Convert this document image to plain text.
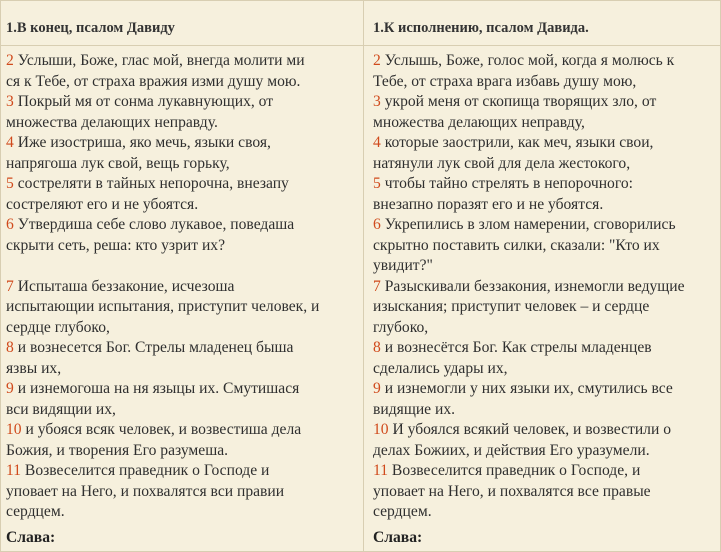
1.В конец, псалом Давиду
2 Услыши, Боже, глас мой, внегда молити ми
ся к Тебе, от страха вражия изми душу мою.
3 Покрый мя от сонма лукавнующих, от
множества делающих неправду.
4 Иже изостриша, яко мечь, языки своя,
напрягоша лук свой, вещь горьку,
5 состреляти в тайных непорочна, внезапу
состреляют его и не убоятся.
6 Утвердиша себе слово лукавое, поведаша
скрыти сеть, реша: кто узрит их?
7 Испыташа беззаконие, исчезоша
испытающии испытания, приступит человек, и
сердце глубоко,
8 и вознесется Бог. Стрелы младенец быша
язвы их,
9 и изнемогоша на ня языцы их. Смутишася
вси видящии их,
10 и убояся всяк человек, и возвестиша дела
Божия, и творения Его разумеша.
11 Возвеселится праведник о Господе и
уповает на Него, и похвалятся вси правии
сердцем.
Слава:
1.К исполнению, псалом Давида.
2 Услышь, Боже, голос мой, когда я молюсь к
Тебе, от страха врага избавь душу мою,
3 укрой меня от скопища творящих зло, от
множества делающих неправду,
4 которые заострили, как меч, языки свои,
натянули лук свой для дела жестокого,
5 чтобы тайно стрелять в непорочного:
внезапно поразят его и не убоятся.
6 Укрепились в злом намерении, сговорились
скрытно поставить силки, сказали: "Кто их
увидит?"
7 Разыскивали беззакония, изнемогли ведущие
изыскания; приступит человек – и сердце
глубоко,
8 и вознесётся Бог. Как стрелы младенцев
сделались удары их,
9 и изнемогли у них языки их, смутились все
видящие их.
10 И убоялся всякий человек, и возвестили о
делах Божиих, и действия Его уразумели.
11 Возвеселится праведник о Господе, и
уповает на Него, и похвалятся все правые
сердцем.
Слава:
